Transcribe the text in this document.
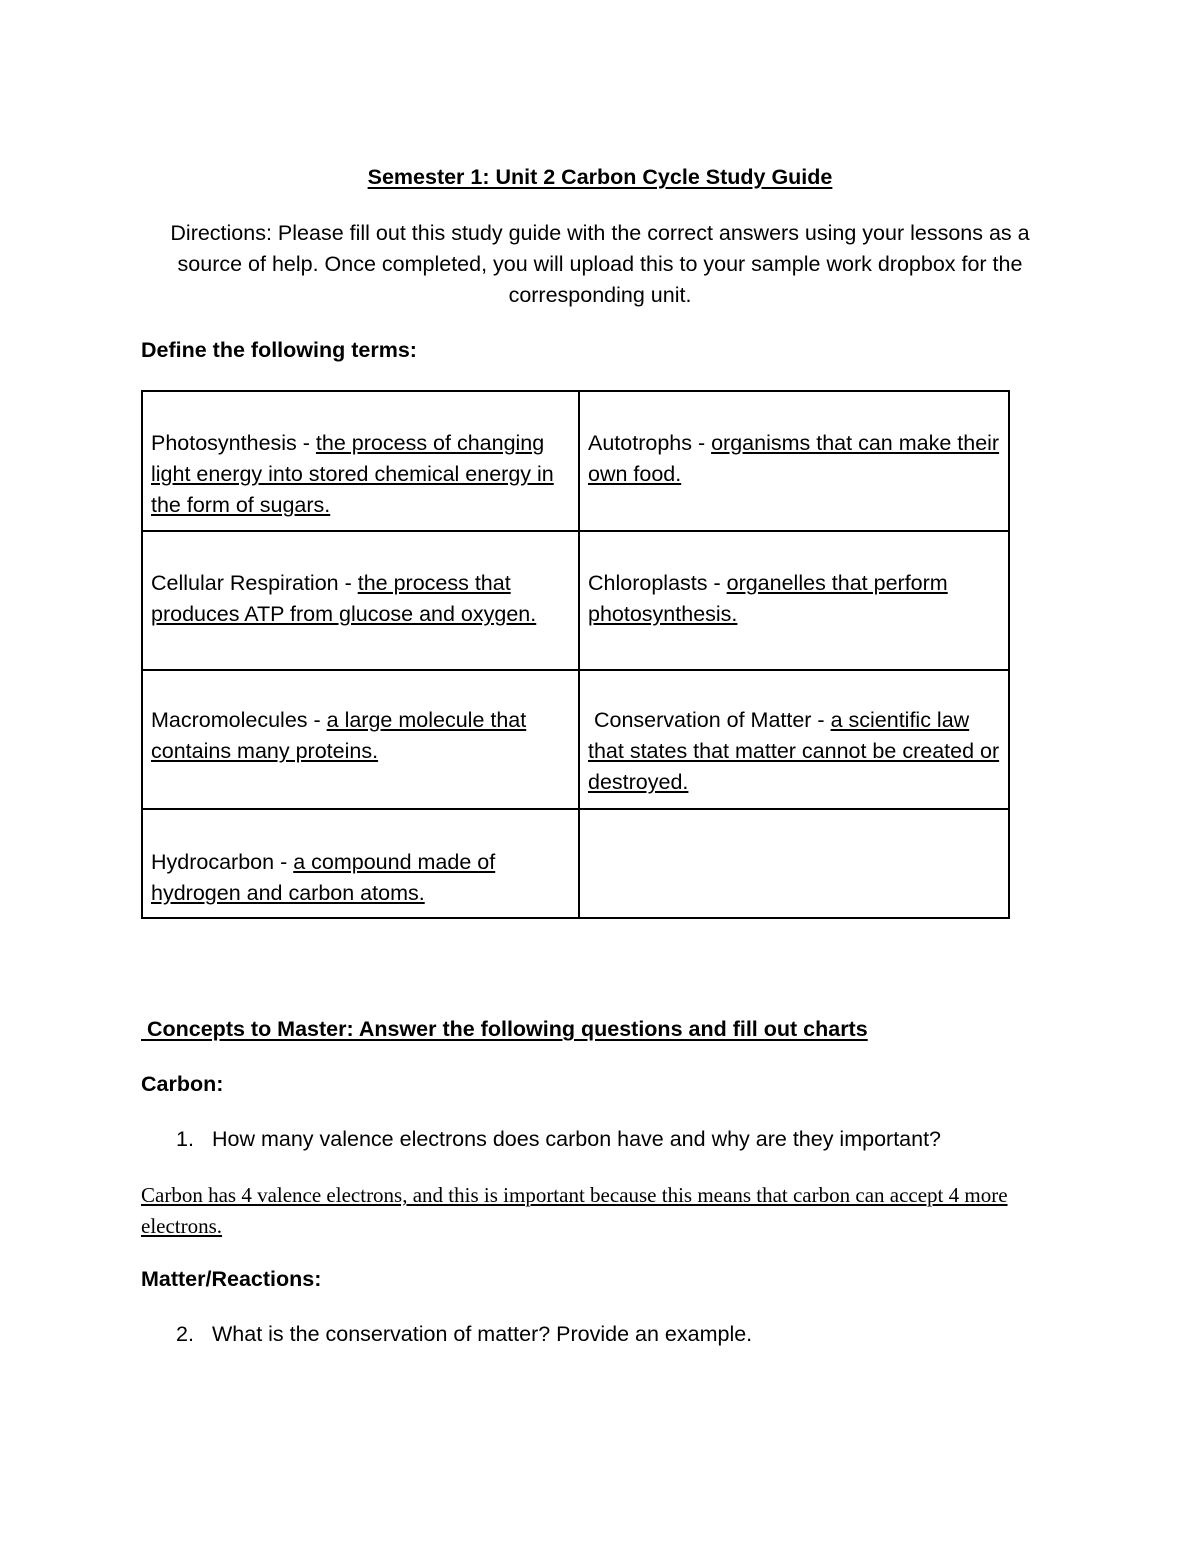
Semester 1: Unit 2 Carbon Cycle Study Guide
Directions: Please fill out this study guide with the correct answers using your lessons as a source of help. Once completed, you will upload this to your sample work dropbox for the corresponding unit.
Define the following terms:
Photosynthesis - the process of changing light energy into stored chemical energy in the form of sugars.	Autotrophs - organisms that can make their own food.
Cellular Respiration - the process that produces ATP from glucose and oxygen.	Chloroplasts - organelles that perform photosynthesis.
Macromolecules - a large molecule that contains many proteins.	Conservation of Matter - a scientific law that states that matter cannot be created or destroyed.
Hydrocarbon - a compound made of hydrogen and carbon atoms.	
Concepts to Master: Answer the following questions and fill out charts
Carbon:
1. How many valence electrons does carbon have and why are they important?
Carbon has 4 valence electrons, and this is important because this means that carbon can accept 4 more electrons.
Matter/Reactions:
2. What is the conservation of matter? Provide an example.
